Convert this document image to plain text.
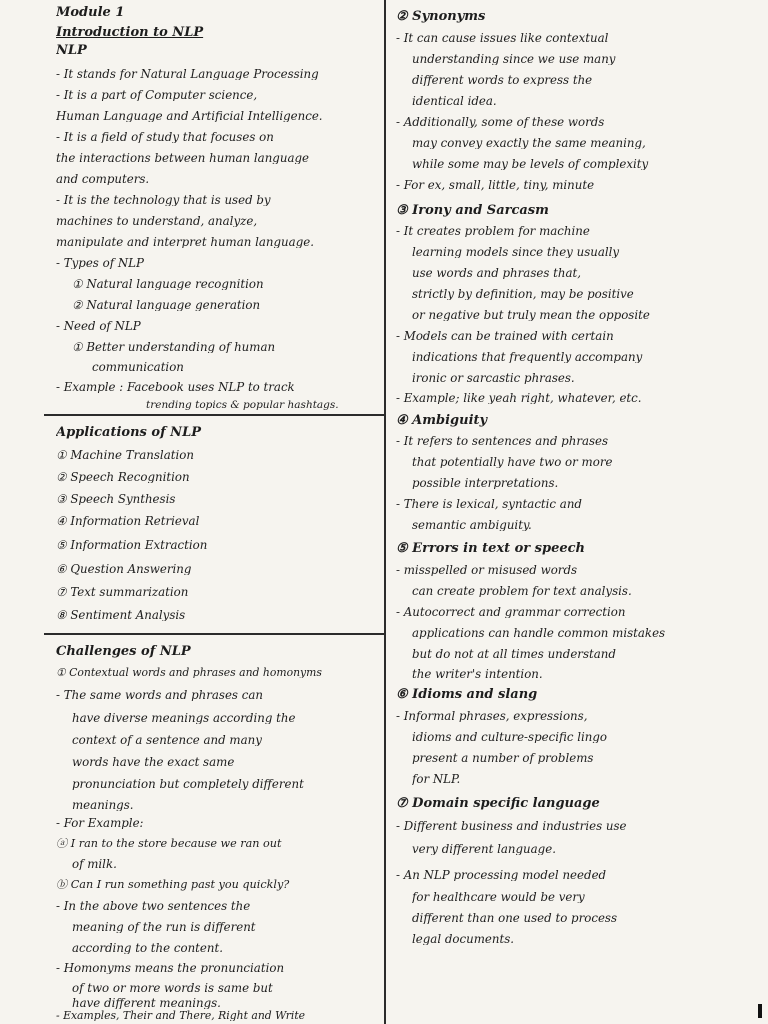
Module 1
Introduction to NLP
NLP
- It stands for Natural Language Processing
- It is a part of Computer science,
Human Language and Artificial Intelligence.
- It is a field of study that focuses on
the interactions between human language
and computers.
- It is the technology that is used by
machines to understand, analyze,
manipulate and interpret human language.
- Types of NLP
① Natural language recognition
② Natural language generation
- Need of NLP
① Better understanding of human
communication
- Example : Facebook uses NLP to track
trending topics & popular hashtags.
Applications of NLP
① Machine Translation
② Speech Recognition
③ Speech Synthesis
④ Information Retrieval
⑤ Information Extraction
⑥ Question Answering
⑦ Text summarization
⑧ Sentiment Analysis
Challenges of NLP
① Contextual words and phrases and homonyms
- The same words and phrases can
have diverse meanings according the
context of a sentence and many
words have the exact same
pronunciation but completely different
meanings.
- For Example:
ⓐ I ran to the store because we ran out
of milk.
ⓑ Can I run something past you quickly?
- In the above two sentences the
meaning of the run is different
according to the content.
- Homonyms means the pronunciation
of two or more words is same but
have different meanings.
- Examples, Their and There, Right and Write
② Synonyms
- It can cause issues like contextual
understanding since we use many
different words to express the
identical idea.
- Additionally, some of these words
may convey exactly the same meaning,
while some may be levels of complexity
- For ex, small, little, tiny, minute
③ Irony and Sarcasm
- It creates problem for machine
learning models since they usually
use words and phrases that,
strictly by definition, may be positive
or negative but truly mean the opposite
- Models can be trained with certain
indications that frequently accompany
ironic or sarcastic phrases.
- Example; like yeah right, whatever, etc.
④ Ambiguity
- It refers to sentences and phrases
that potentially have two or more
possible interpretations.
- There is lexical, syntactic and
semantic ambiguity.
⑤ Errors in text or speech
- misspelled or misused words
can create problem for text analysis.
- Autocorrect and grammar correction
applications can handle common mistakes
but do not at all times understand
the writer's intention.
⑥ Idioms and slang
- Informal phrases, expressions,
idioms and culture-specific lingo
present a number of problems
for NLP.
⑦ Domain specific language
- Different business and industries use
very different language.
- An NLP processing model needed
for healthcare would be very
different than one used to process
legal documents.
